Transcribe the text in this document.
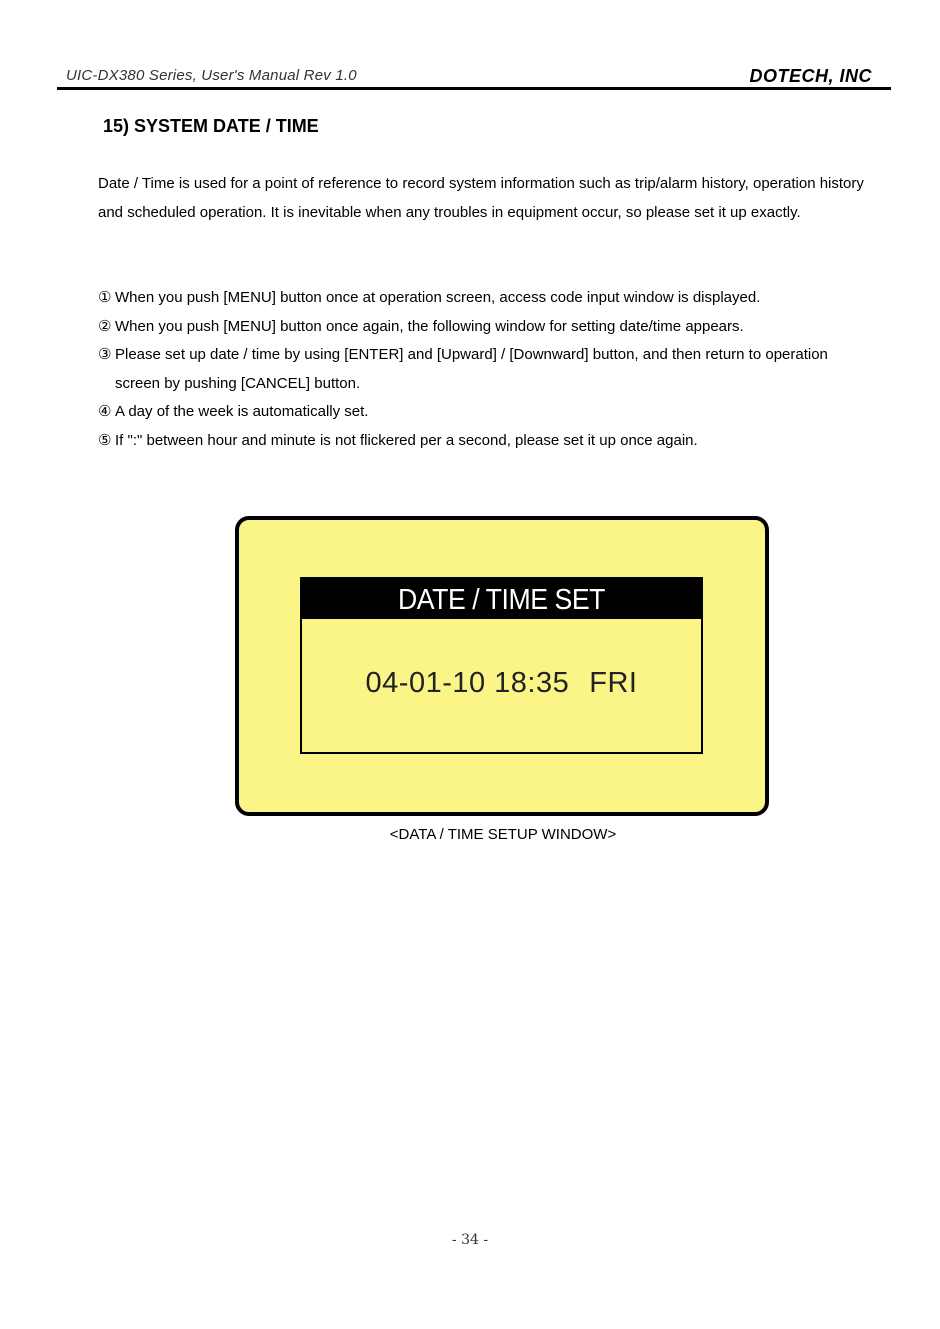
UIC-DX380 Series, User's Manual Rev 1.0	DOTECH, INC
15) SYSTEM DATE / TIME
Date / Time is used for a point of reference to record system information such as trip/alarm history, operation history and scheduled operation. It is inevitable when any troubles in equipment occur, so please set it up exactly.
① When you push [MENU] button once at operation screen, access code input window is displayed.
② When you push [MENU] button once again, the following window for setting date/time appears.
③ Please set up date / time by using [ENTER] and [Upward] / [Downward] button, and then return to operation screen by pushing [CANCEL] button.
④ A day of the week is automatically set.
⑤ If ":" between hour and minute is not flickered per a second, please set it up once again.
DATE / TIME SET
04-01-10 18:35 FRI
<DATA / TIME SETUP WINDOW>
- 34 -
